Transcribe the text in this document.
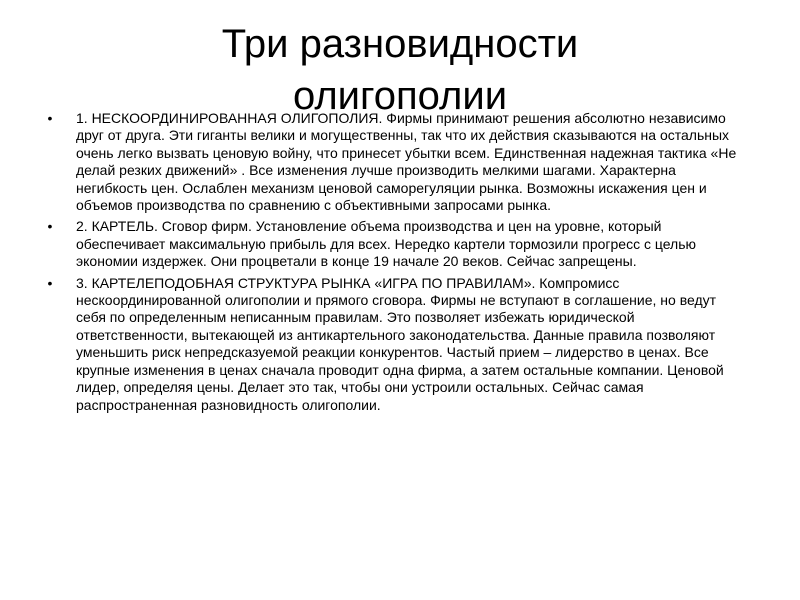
Три разновидности олигополии
• 1. НЕСКООРДИНИРОВАННАЯ ОЛИГОПОЛИЯ. Фирмы принимают решения абсолютно независимо друг от друга. Эти гиганты велики и могущественны, так что их действия сказываются на остальных очень легко вызвать ценовую войну, что принесет убытки всем. Единственная надежная тактика «Не делай резких движений» . Все изменения лучше производить мелкими шагами. Характерна негибкость цен. Ослаблен механизм ценовой саморегуляции рынка. Возможны искажения цен и объемов производства по сравнению с объективными запросами рынка.
• 2. КАРТЕЛЬ. Сговор фирм. Установление объема производства и цен на уровне, который обеспечивает максимальную прибыль для всех. Нередко картели тормозили прогресс с целью экономии издержек. Они процветали в конце 19 начале 20 веков. Сейчас запрещены.
• 3. КАРТЕЛЕПОДОБНАЯ СТРУКТУРА РЫНКА «ИГРА ПО ПРАВИЛАМ». Компромисс нескоординированной олигополии и прямого сговора. Фирмы не вступают в соглашение, но ведут себя по определенным неписанным правилам. Это позволяет избежать юридической ответственности, вытекающей из антикартельного законодательства. Данные правила позволяют уменьшить риск непредсказуемой реакции конкурентов. Частый прием – лидерство в ценах. Все крупные изменения в ценах сначала проводит одна фирма, а затем остальные компании. Ценовой лидер, определяя цены. Делает это так, чтобы они устроили остальных. Сейчас самая распространенная разновидность олигополии.
